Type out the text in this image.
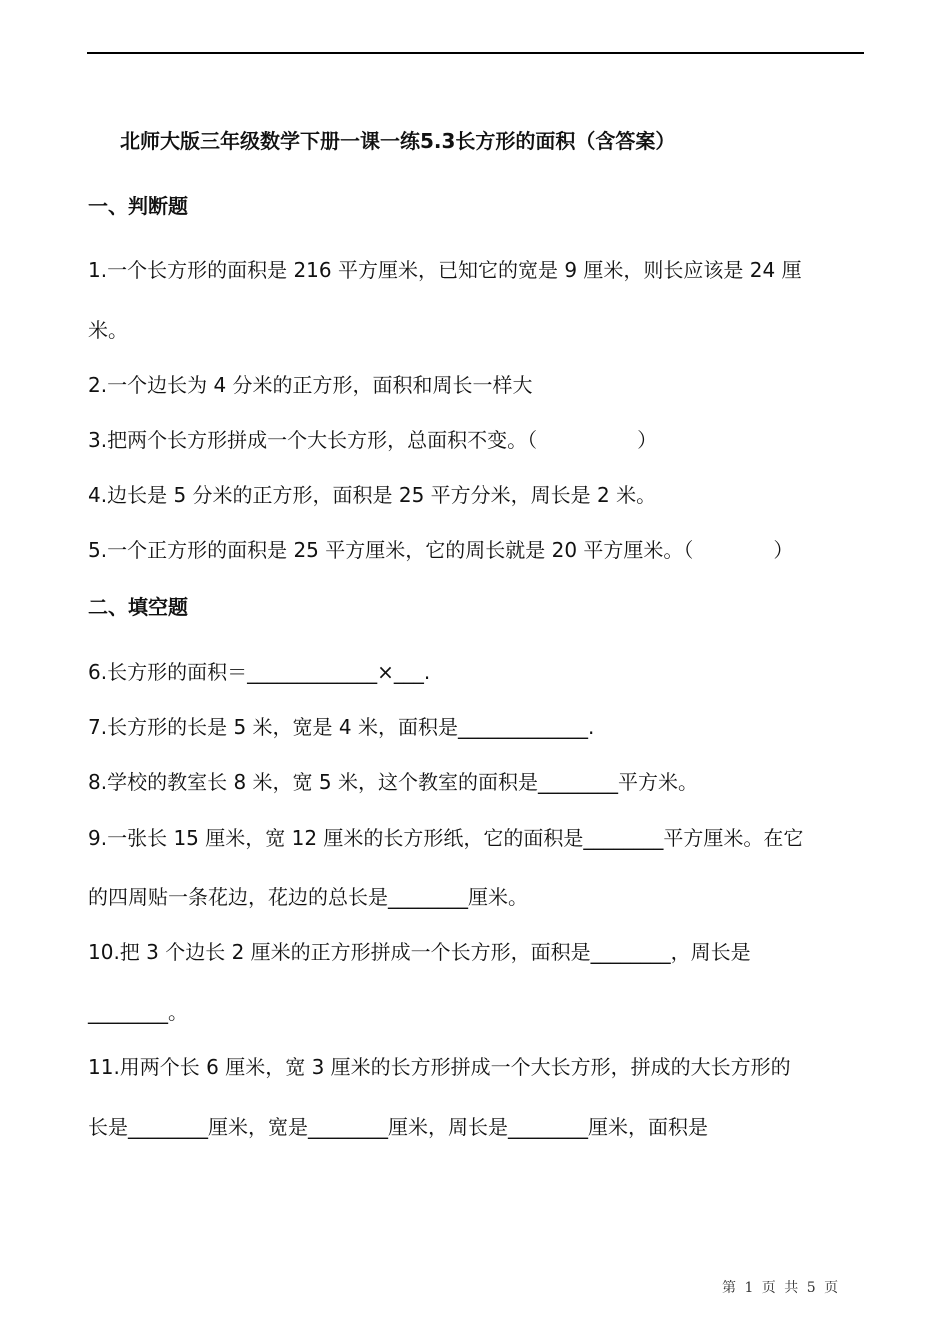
北师大版三年级数学下册一课一练5.3长方形的面积（含答案）
一、判断题
1.一个长方形的面积是 216 平方厘米，已知它的宽是 9 厘米，则长应该是 24 厘
米。
2.一个边长为 4 分米的正方形，面积和周长一样大
3.把两个长方形拼成一个大长方形，总面积不变。（　　　　　）
4.边长是 5 分米的正方形，面积是 25 平方分米，周长是 2 米。
5.一个正方形的面积是 25 平方厘米，它的周长就是 20 平方厘米。（　　　　）
二、填空题
6.长方形的面积＝_____________×___.
7.长方形的长是 5 米，宽是 4 米，面积是_____________.
8.学校的教室长 8 米，宽 5 米，这个教室的面积是________平方米。
9.一张长 15 厘米，宽 12 厘米的长方形纸，它的面积是________平方厘米。在它
的四周贴一条花边，花边的总长是________厘米。
10.把 3 个边长 2 厘米的正方形拼成一个长方形，面积是________，周长是
________。
11.用两个长 6 厘米，宽 3 厘米的长方形拼成一个大长方形，拼成的大长方形的
长是________厘米，宽是________厘米，周长是________厘米，面积是
第 1 页 共 5 页
